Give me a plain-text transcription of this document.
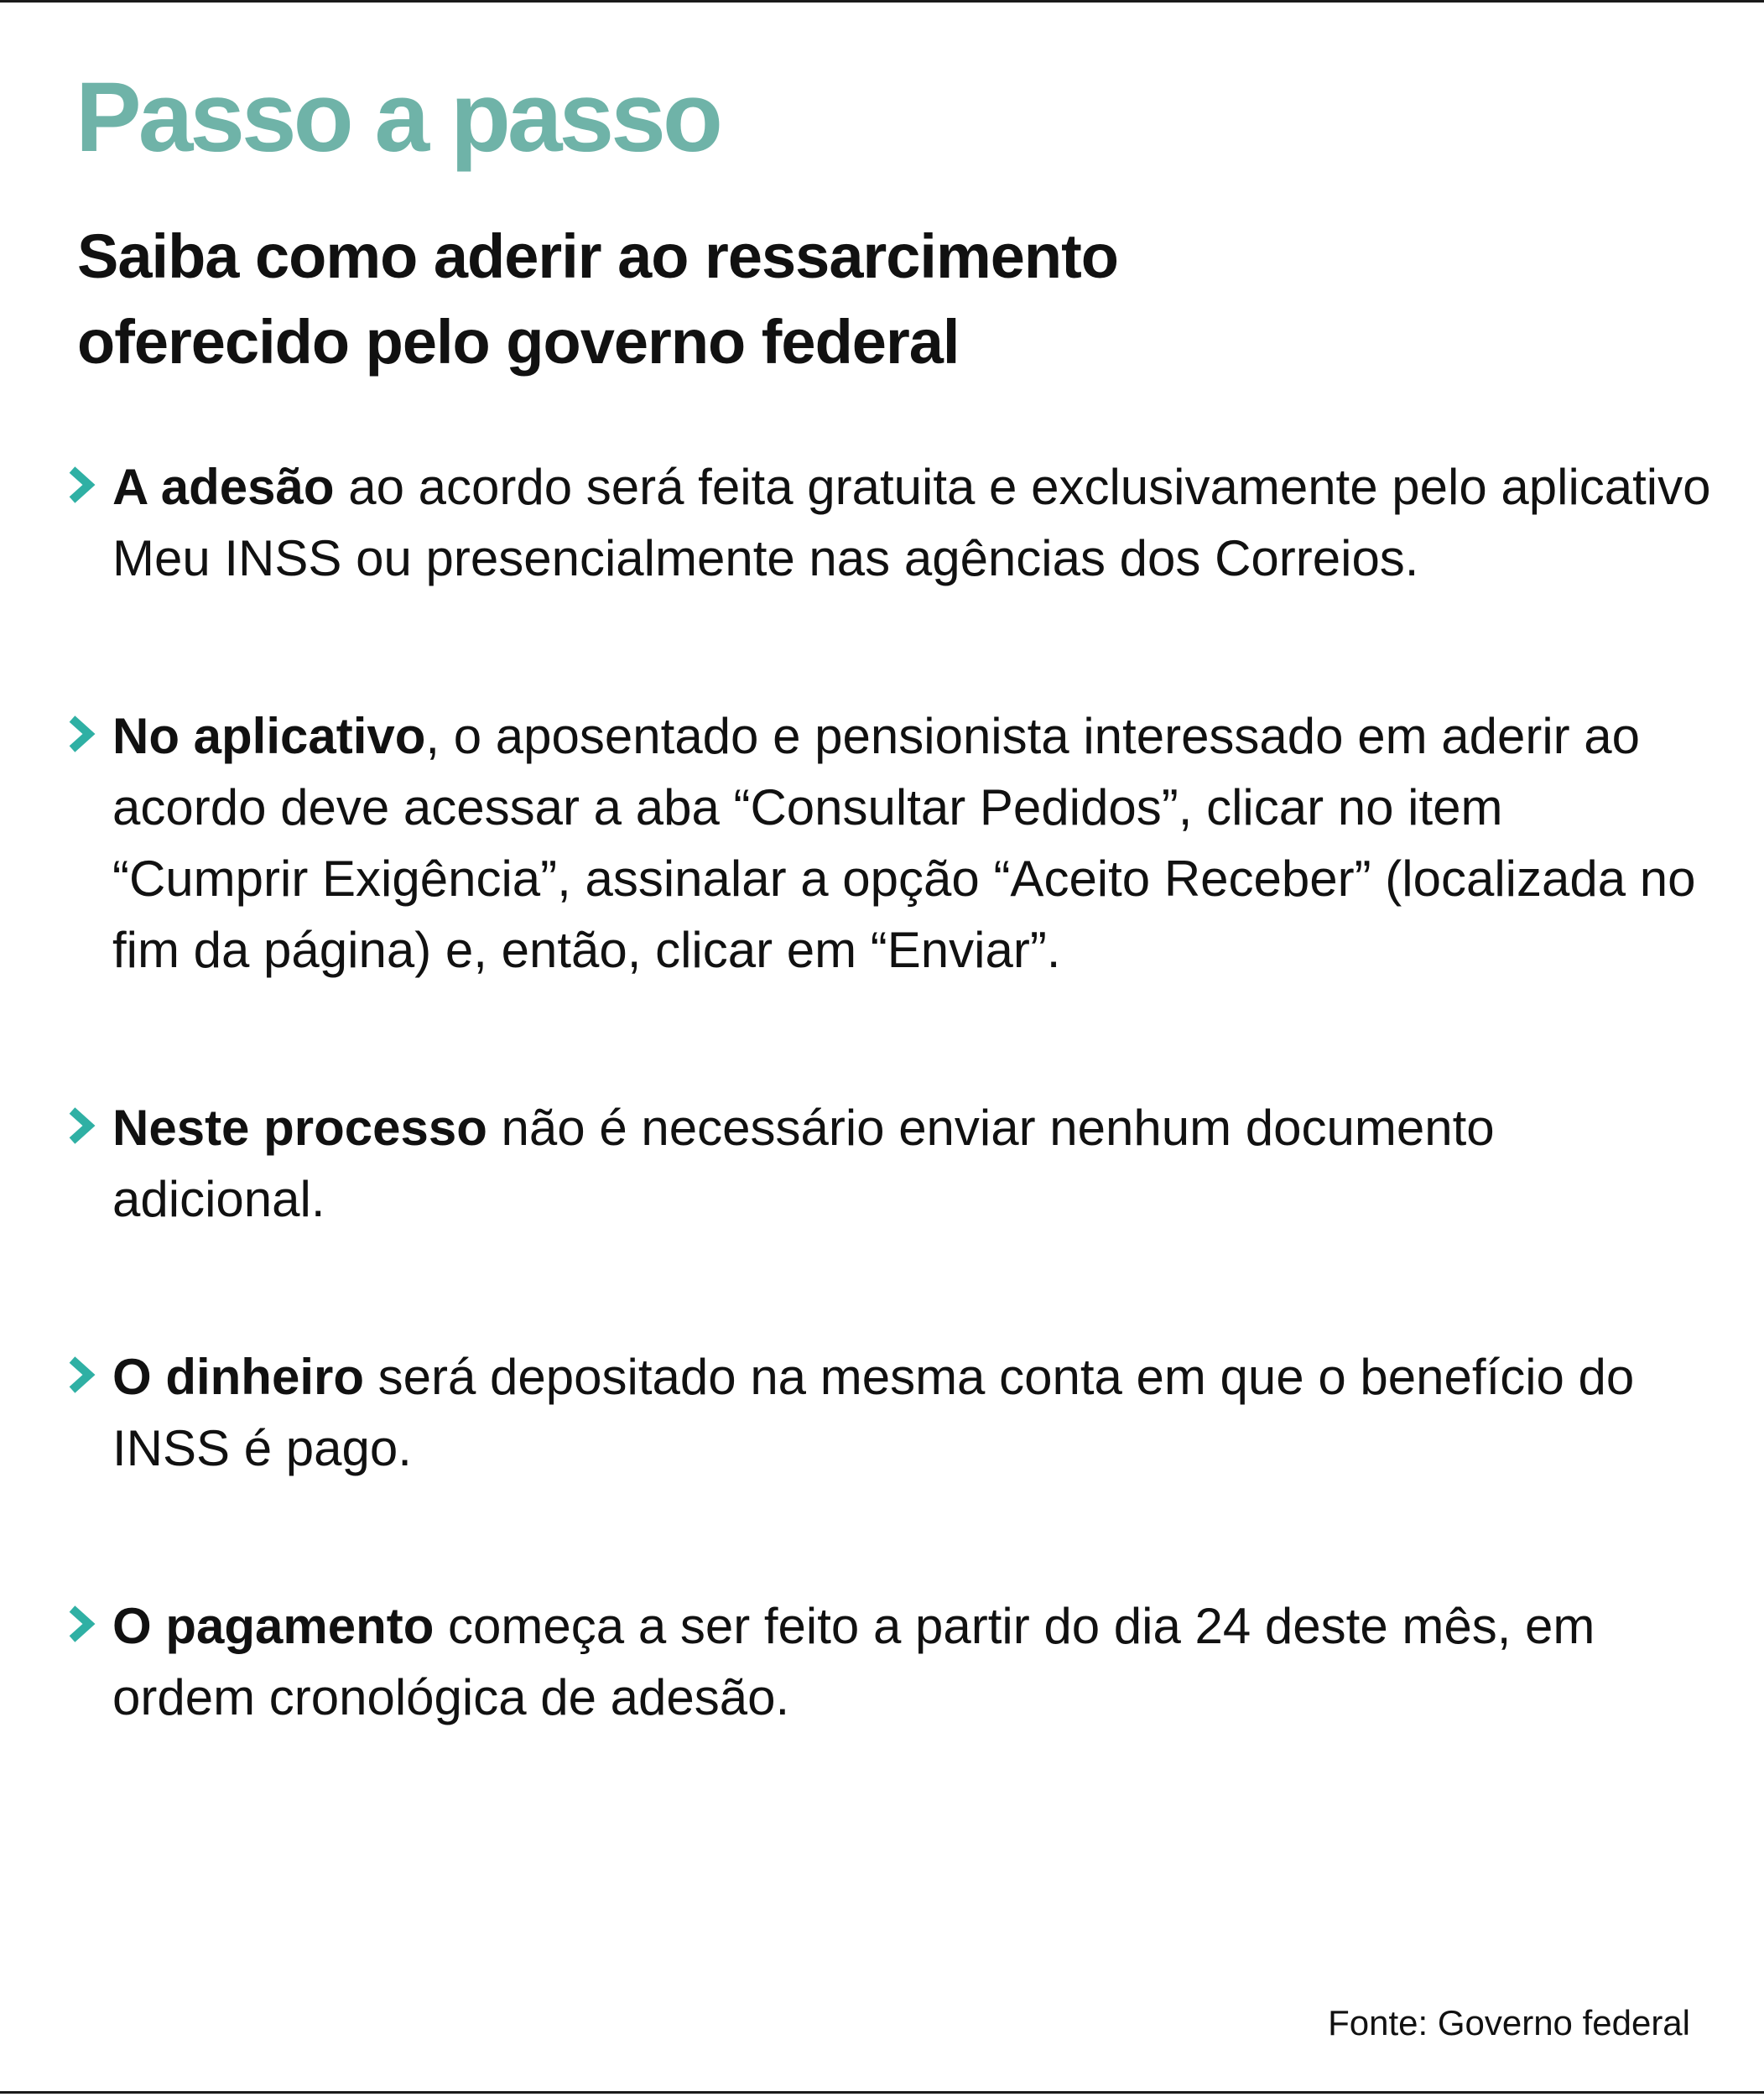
Passo a passo
Saiba como aderir ao ressarcimento oferecido pelo governo federal
A adesão ao acordo será feita gratuita e exclusivamente pelo aplicativo Meu INSS ou presencialmente nas agências dos Correios.
No aplicativo, o aposentado e pensionista interessado em aderir ao acordo deve acessar a aba “Consultar Pedidos”, clicar no item “Cumprir Exigência”, assinalar a opção “Aceito Receber” (localizada no fim da página) e, então, clicar em “Enviar”.
Neste processo não é necessário enviar nenhum documento adicional.
O dinheiro será depositado na mesma conta em que o benefício do INSS é pago.
O pagamento começa a ser feito a partir do dia 24 deste mês, em ordem cronológica de adesão.

Fonte: Governo federal
